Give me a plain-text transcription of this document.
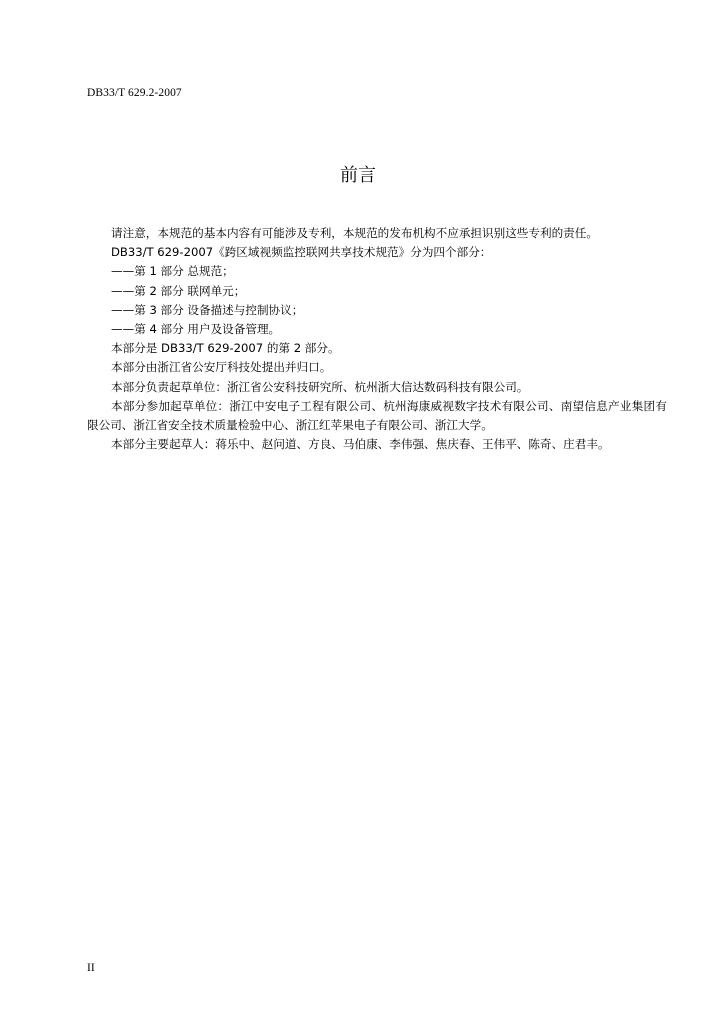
DB33/T 629.2-2007
前言

请注意，本规范的基本内容有可能涉及专利，本规范的发布机构不应承担识别这些专利的责任。

DB33/T 629-2007《跨区域视频监控联网共享技术规范》分为四个部分：

——第 1 部分 总规范；

——第 2 部分 联网单元；

——第 3 部分 设备描述与控制协议；

——第 4 部分 用户及设备管理。

本部分是 DB33/T 629-2007 的第 2 部分。

本部分由浙江省公安厅科技处提出并归口。

本部分负责起草单位：浙江省公安科技研究所、杭州浙大信达数码科技有限公司。

本部分参加起草单位：浙江中安电子工程有限公司、杭州海康威视数字技术有限公司、南望信息产业集团有限公司、浙江省安全技术质量检验中心、浙江红苹果电子有限公司、浙江大学。

本部分主要起草人：蒋乐中、赵问道、方良、马伯康、李伟强、焦庆春、王伟平、陈奇、庄君丰。

II
